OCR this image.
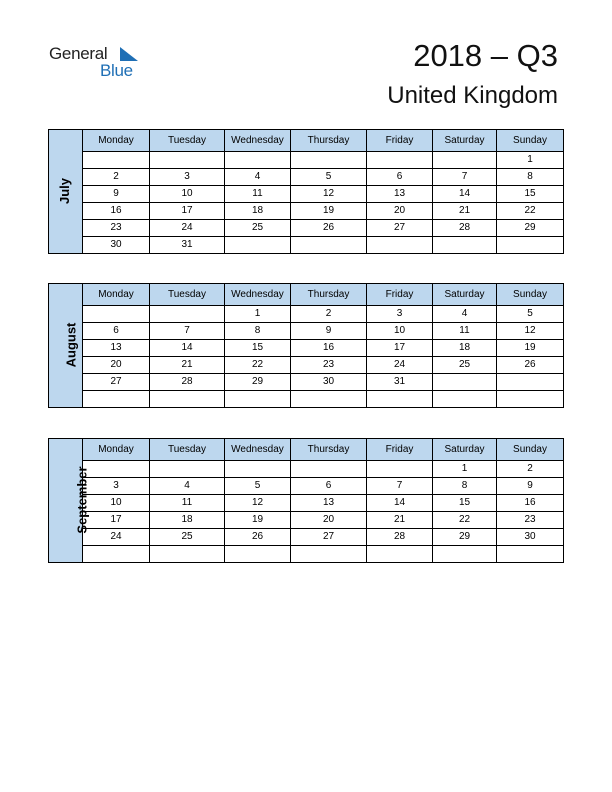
General
Blue	2018 – Q3
United Kingdom
July	Monday	Tuesday	Wednesday	Thursday	Friday	Saturday	Sunday
							1
	2	3	4	5	6	7	8
	9	10	11	12	13	14	15
	16	17	18	19	20	21	22
	23	24	25	26	27	28	29
	30	31					
August	Monday	Tuesday	Wednesday	Thursday	Friday	Saturday	Sunday
			1	2	3	4	5
	6	7	8	9	10	11	12
	13	14	15	16	17	18	19
	20	21	22	23	24	25	26
	27	28	29	30	31		

September	Monday	Tuesday	Wednesday	Thursday	Friday	Saturday	Sunday
						1	2
	3	4	5	6	7	8	9
	10	11	12	13	14	15	16
	17	18	19	20	21	22	23
	24	25	26	27	28	29	30
